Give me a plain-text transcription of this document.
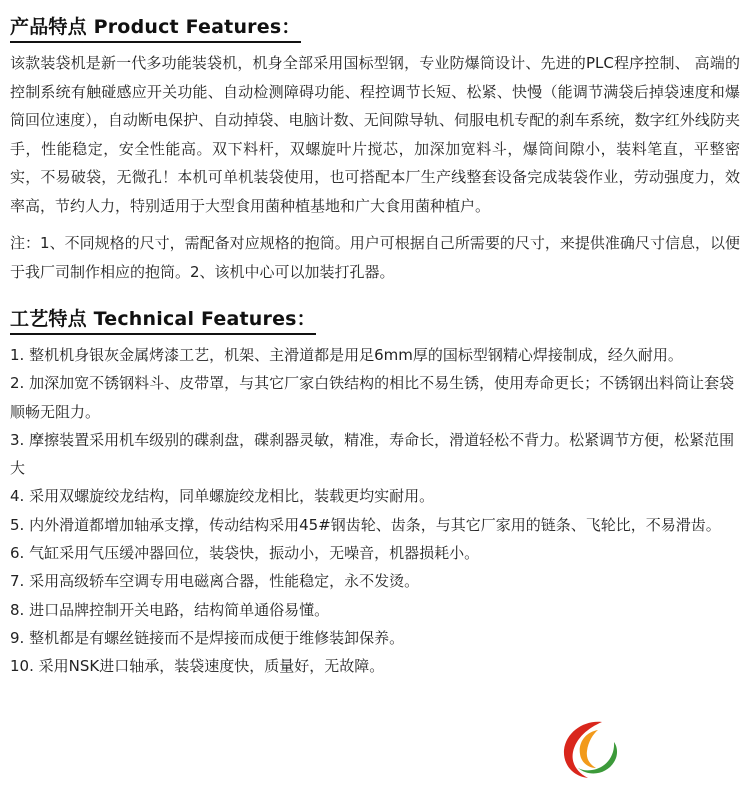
产品特点 Product Features：

该款装袋机是新一代多功能装袋机，机身全部采用国标型钢，专业防爆筒设计、先进的PLC程序控制、 高端的控制系统有触碰感应开关功能、自动检测障碍功能、程控调节长短、松紧、快慢（能调节满袋后掉袋速度和爆筒回位速度），自动断电保护、自动掉袋、电脑计数、无间隙导轨、伺服电机专配的刹车系统，数字红外线防夹手，性能稳定，安全性能高。双下料杆，双螺旋叶片搅芯，加深加宽料斗，爆筒间隙小，装料笔直，平整密实，不易破袋，无微孔！本机可单机装袋使用，也可搭配本厂生产线整套设备完成装袋作业，劳动强度力，效率高，节约人力，特别适用于大型食用菌种植基地和广大食用菌种植户。

注：1、不同规格的尺寸，需配备对应规格的抱筒。用户可根据自己所需要的尺寸，来提供准确尺寸信息，以便于我厂司制作相应的抱筒。2、该机中心可以加装打孔器。

工艺特点 Technical Features：
1. 整机机身银灰金属烤漆工艺，机架、主滑道都是用足6mm厚的国标型钢精心焊接制成，经久耐用。
2. 加深加宽不锈钢料斗、皮带罩，与其它厂家白铁结构的相比不易生锈，使用寿命更长；不锈钢出料筒让套袋顺畅无阻力。
3. 摩擦装置采用机车级别的碟刹盘，碟刹器灵敏，精准，寿命长，滑道轻松不背力。松紧调节方便，松紧范围大
4. 采用双螺旋绞龙结构，同单螺旋绞龙相比，装载更均实耐用。
5. 内外滑道都增加轴承支撑，传动结构采用45#钢齿轮、齿条，与其它厂家用的链条、飞轮比，不易滑齿。
6. 气缸采用气压缓冲器回位，装袋快，振动小，无噪音，机器损耗小。
7. 采用高级轿车空调专用电磁离合器，性能稳定，永不发烫。
8. 进口品牌控制开关电路，结构简单通俗易懂。
9. 整机都是有螺丝链接而不是焊接而成便于维修装卸保养。
10. 采用NSK进口轴承，装袋速度快，质量好，无故障。
